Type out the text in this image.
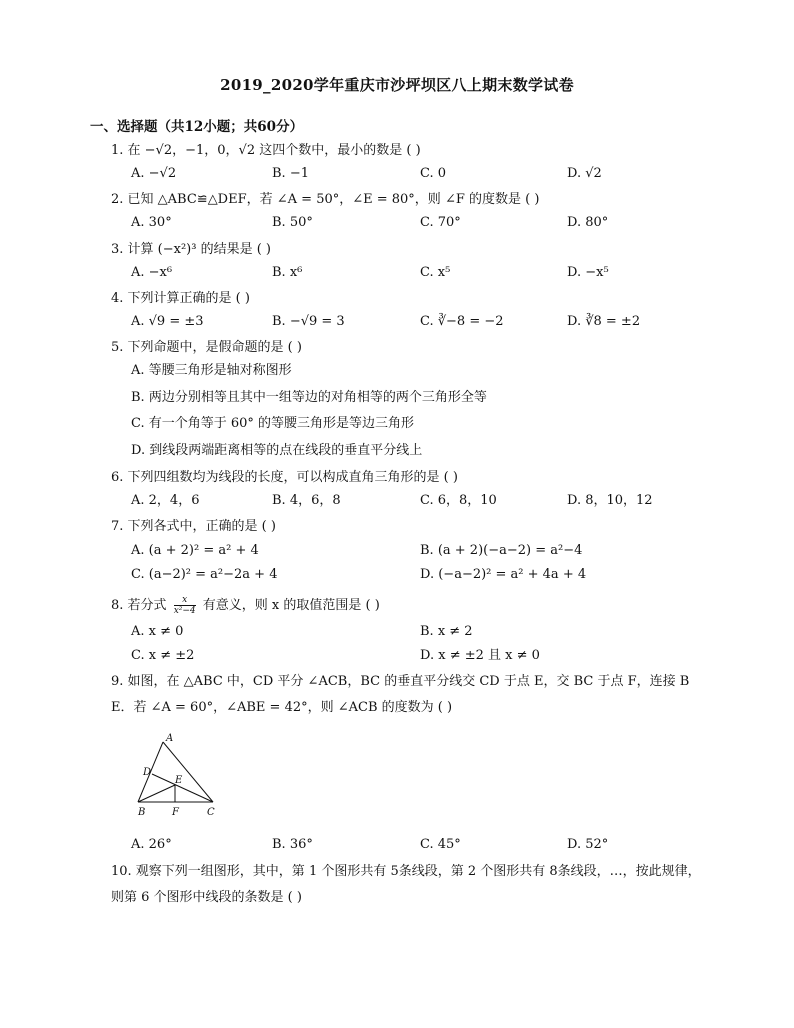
2019_2020学年重庆市沙坪坝区八上期末数学试卷
一、选择题（共12小题；共60分）
1. 在 −√2，−1，0，√2 这四个数中，最小的数是 ( )
A. −√2	B. −1	C. 0	D. √2
2. 已知 △ABC≌△DEF，若 ∠A = 50°，∠E = 80°，则 ∠F 的度数是 ( )
A. 30°	B. 50°	C. 70°	D. 80°
3. 计算 (−x²)³ 的结果是 ( )
A. −x⁶	B. x⁶	C. x⁵	D. −x⁵
4. 下列计算正确的是 ( )
A. √9 = ±3	B. −√9 = 3	C. ∛−8 = −2	D. ∛8 = ±2
5. 下列命题中，是假命题的是 ( )
A. 等腰三角形是轴对称图形
B. 两边分别相等且其中一组等边的对角相等的两个三角形全等
C. 有一个角等于 60° 的等腰三角形是等边三角形
D. 到线段两端距离相等的点在线段的垂直平分线上
6. 下列四组数均为线段的长度，可以构成直角三角形的是 ( )
A. 2，4，6	B. 4，6，8	C. 6，8，10	D. 8，10，12
7. 下列各式中，正确的是 ( )
A. (a + 2)² = a² + 4	B. (a + 2)(−a−2) = a²−4
C. (a−2)² = a²−2a + 4	D. (−a−2)² = a² + 4a + 4
8. 若分式 $\frac{x}{\text{x²−4}}$ 有意义，则 x 的取值范围是 ( )
A. x ≠ 0	B. x ≠ 2
C. x ≠ ±2	D. x ≠ ±2 且 x ≠ 0
9. 如图，在 △ABC 中，CD 平分 ∠ACB，BC 的垂直平分线交 CD 于点 E，交 BC 于点 F，连接 B E．若 ∠A = 60°，∠ABE = 42°，则 ∠ACB 的度数为 ( )
A
D
E
B	F	C
A. 26°	B. 36°	C. 45°	D. 52°
10. 观察下列一组图形，其中，第 1 个图形共有 5条线段，第 2 个图形共有 8条线段，…，按此规律，则第 6 个图形中线段的条数是 ( )
